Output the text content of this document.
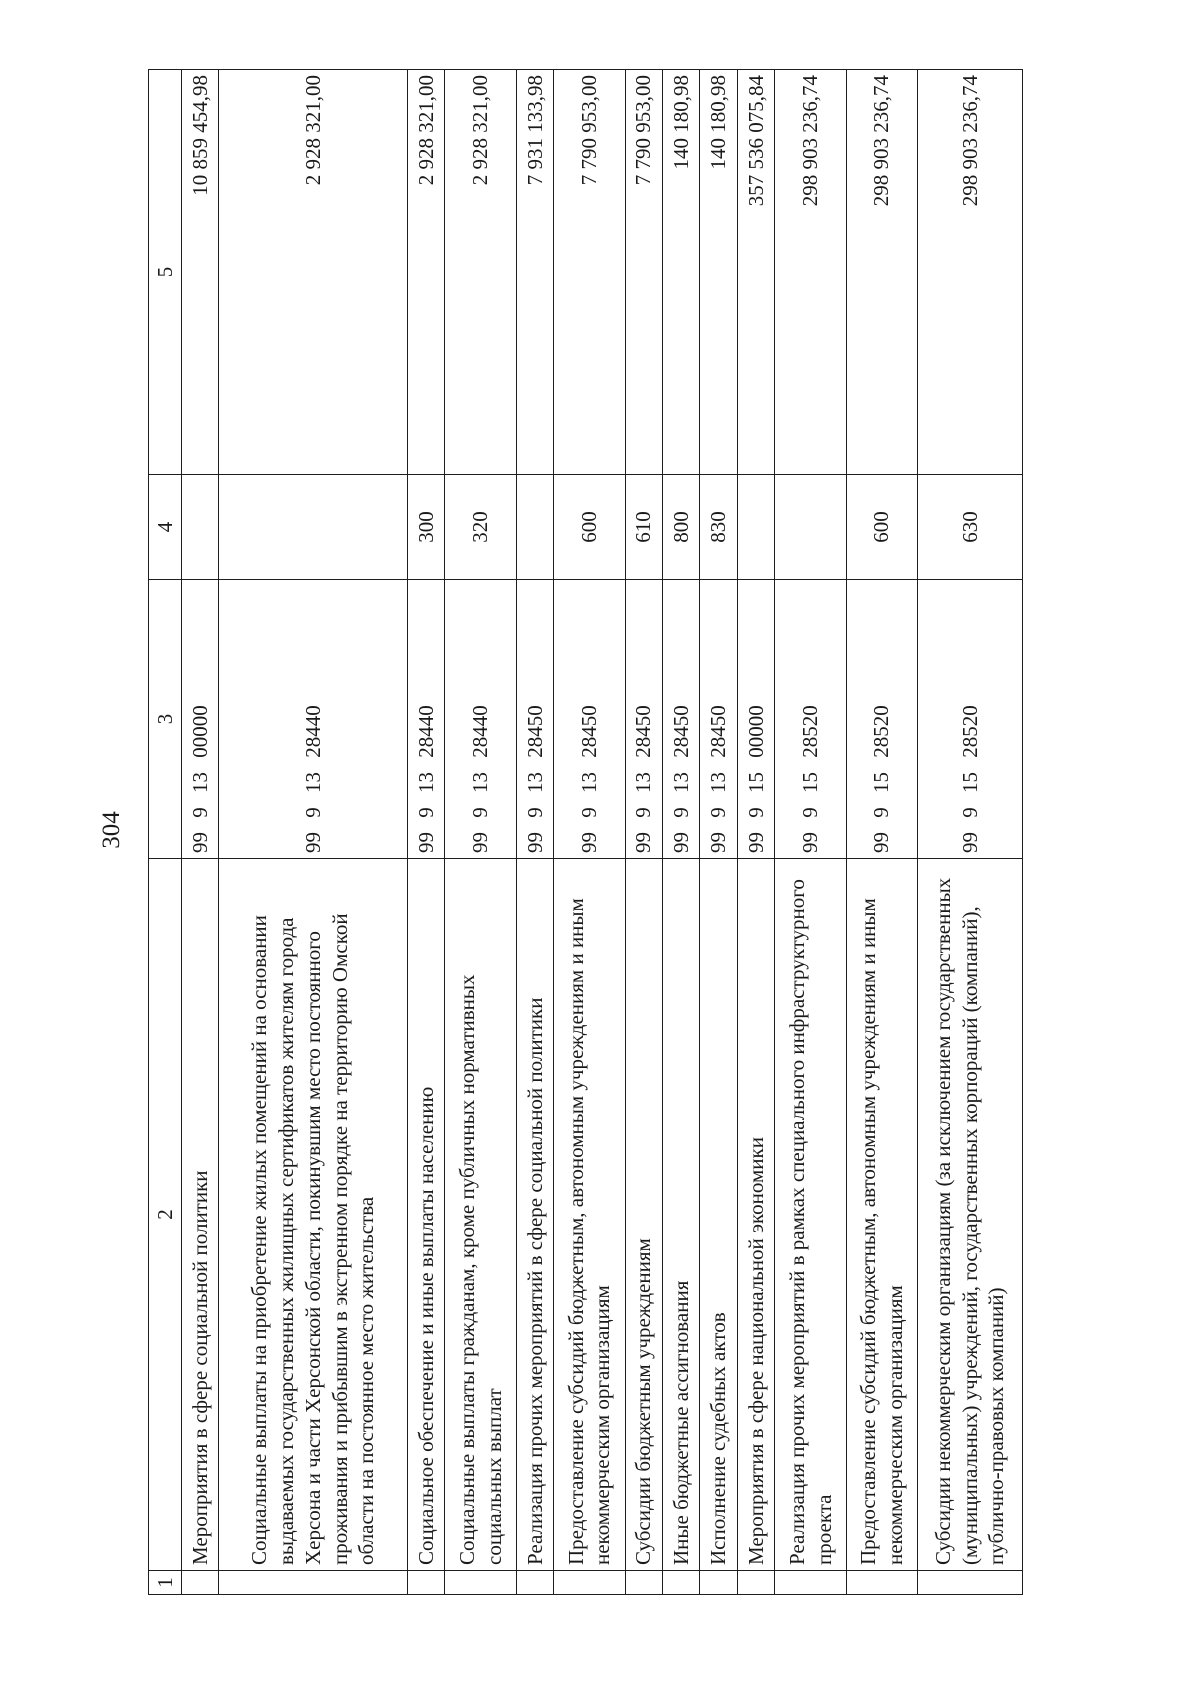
304
1	2	3	4	5
	Мероприятия в сфере социальной политики	99 9 13 00000		10 859 454,98
	Социальные выплаты на приобретение жилых помещений на основании выдаваемых государственных жилищных сертификатов жителям города Херсона и части Херсонской области, покинувшим место постоянного проживания и прибывшим в экстренном порядке на территорию Омской области на постоянное место жительства	99 9 13 28440		2 928 321,00
	Социальное обеспечение и иные выплаты населению	99 9 13 28440	300	2 928 321,00
	Социальные выплаты гражданам, кроме публичных нормативных социальных выплат	99 9 13 28440	320	2 928 321,00
	Реализация прочих мероприятий в сфере социальной политики	99 9 13 28450		7 931 133,98
	Предоставление субсидий бюджетным, автономным учреждениям и иным некоммерческим организациям	99 9 13 28450	600	7 790 953,00
	Субсидии бюджетным учреждениям	99 9 13 28450	610	7 790 953,00
	Иные бюджетные ассигнования	99 9 13 28450	800	140 180,98
	Исполнение судебных актов	99 9 13 28450	830	140 180,98
	Мероприятия в сфере национальной экономики	99 9 15 00000		357 536 075,84
	Реализация прочих мероприятий в рамках специального инфраструктурного проекта	99 9 15 28520		298 903 236,74
	Предоставление субсидий бюджетным, автономным учреждениям и иным некоммерческим организациям	99 9 15 28520	600	298 903 236,74
	Субсидии некоммерческим организациям (за исключением государственных (муниципальных) учреждений, государственных корпораций (компаний), публично-правовых компаний)	99 9 15 28520	630	298 903 236,74
